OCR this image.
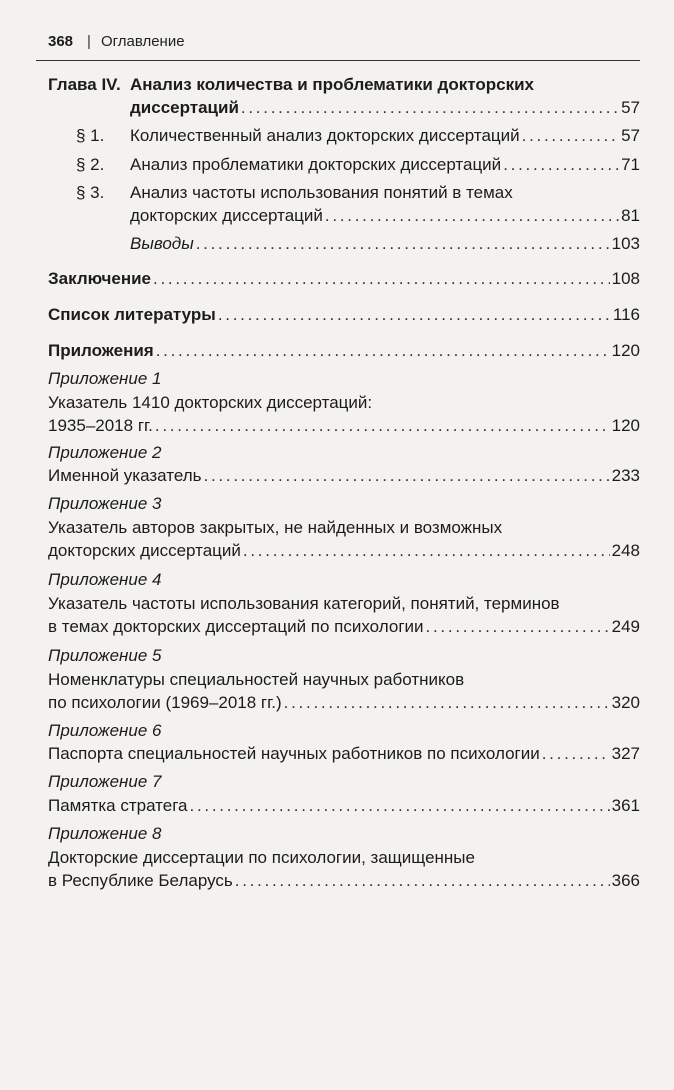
368 | Оглавление
Глава IV. Анализ количества и проблематики докторских
диссертаций . . .	57
§ 1. Количественный анализ докторских диссертаций . . .	57
§ 2. Анализ проблематики докторских диссертаций . . .	71
§ 3. Анализ частоты использования понятий в темах
докторских диссертаций . . .	81
Выводы . . .	103
Заключение . . .	108
Список литературы . . .	116
Приложения . . .	120
Приложение 1
Указатель 1410 докторских диссертаций:
1935–2018 гг. . . .	120
Приложение 2
Именной указатель . . .	233
Приложение 3
Указатель авторов закрытых, не найденных и возможных
докторских диссертаций . . .	248
Приложение 4
Указатель частоты использования категорий, понятий, терминов
в темах докторских диссертаций по психологии . . .	249
Приложение 5
Номенклатуры специальностей научных работников
по психологии (1969–2018 гг.) . . .	320
Приложение 6
Паспорта специальностей научных работников по психологии . . .	327
Приложение 7
Памятка стратега . . .	361
Приложение 8
Докторские диссертации по психологии, защищенные
в Республике Беларусь . . .	366
